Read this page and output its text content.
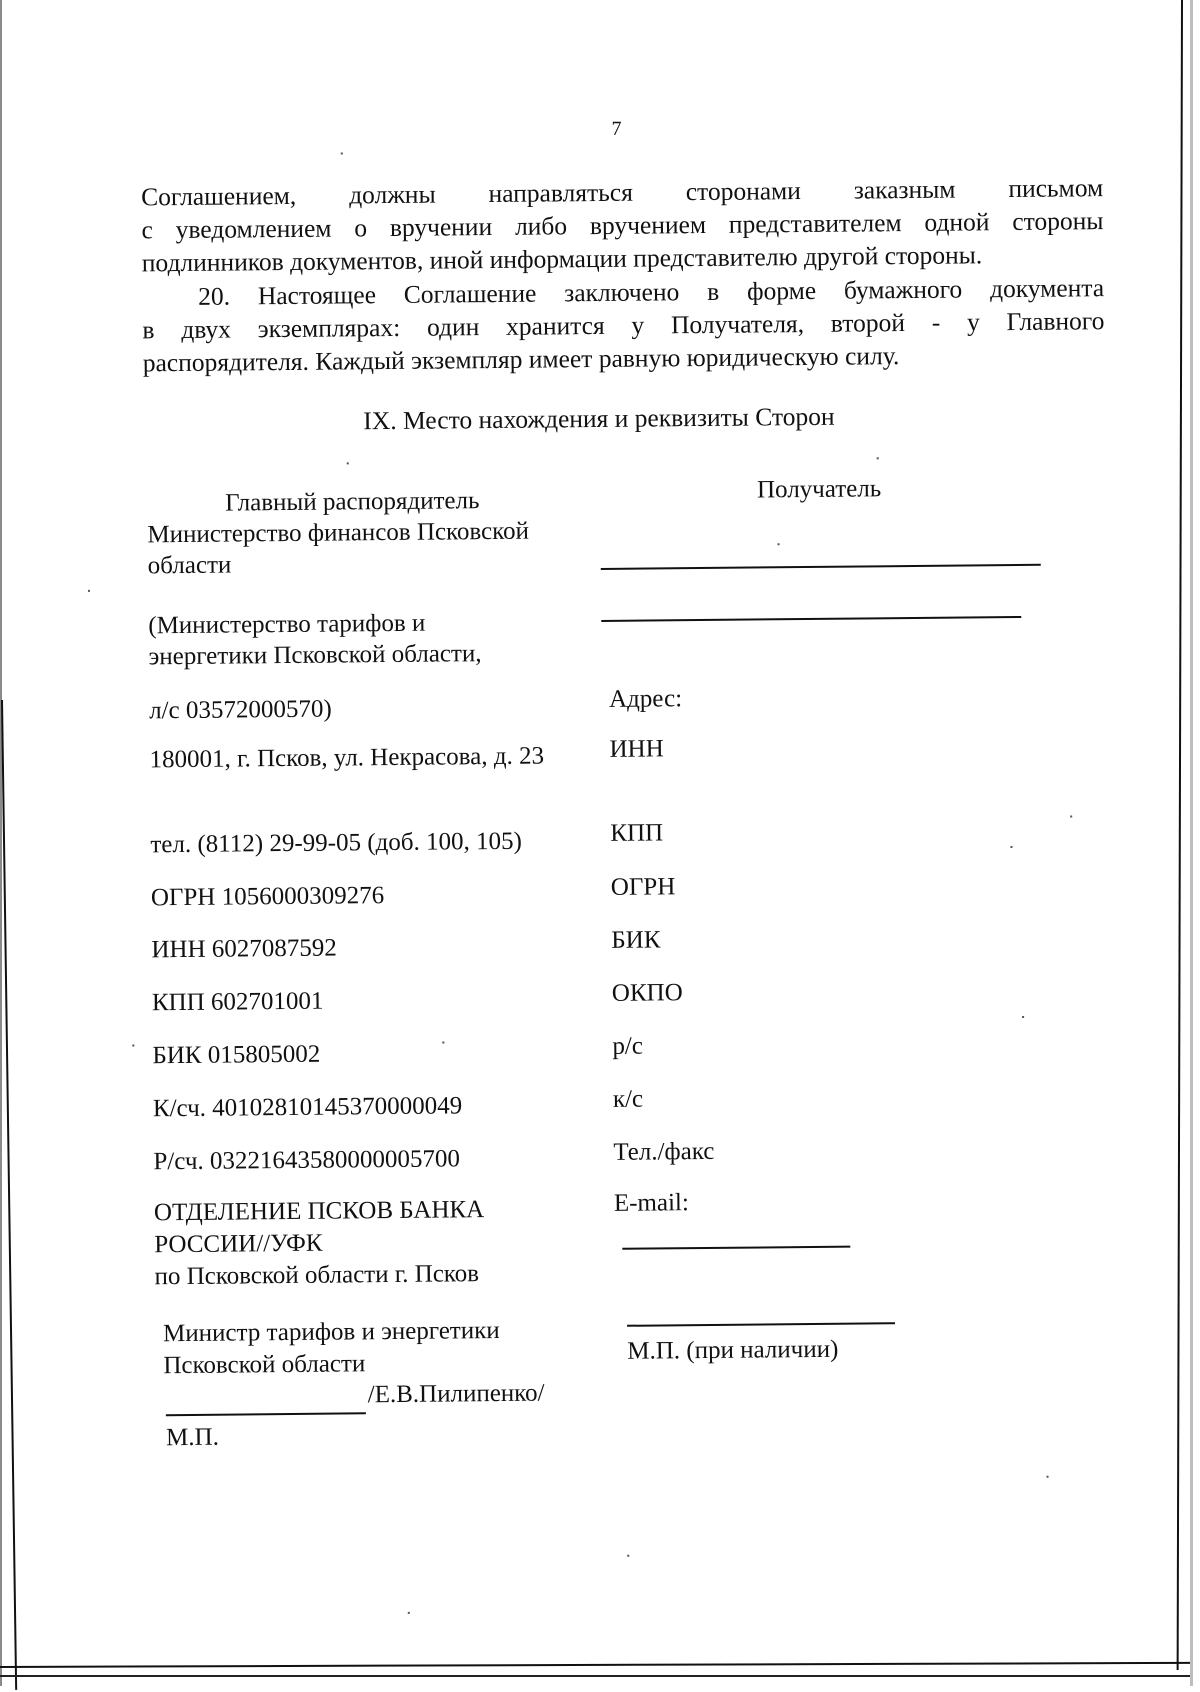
7
Соглашением, должны направляться сторонами заказным письмом
с уведомлением о вручении либо вручением представителем одной стороны
подлинников документов, иной информации представителю другой стороны.
20. Настоящее Соглашение заключено в форме бумажного документа
в двух экземплярах: один хранится у Получателя, второй - у Главного
распорядителя. Каждый экземпляр имеет равную юридическую силу.
IX. Место нахождения и реквизиты Сторон
Главный распорядитель	Получатель
Министерство финансов Псковской области
(Министерство тарифов и энергетики Псковской области,
л/с 03572000570)
180001, г. Псков, ул. Некрасова, д. 23
тел. (8112) 29-99-05 (доб. 100, 105)
ОГРН 1056000309276
ИНН 6027087592
КПП 602701001
БИК 015805002
К/сч. 40102810145370000049
Р/сч. 03221643580000005700
ОТДЕЛЕНИЕ ПСКОВ БАНКА
РОССИИ//УФК
по Псковской области г. Псков
Министр тарифов и энергетики
Псковской области
/Е.В.Пилипенко/
М.П.
Адрес:
ИНН
КПП
ОГРН
БИК
ОКПО
р/с
к/с
Тел./факс
E-mail:
М.П. (при наличии)
